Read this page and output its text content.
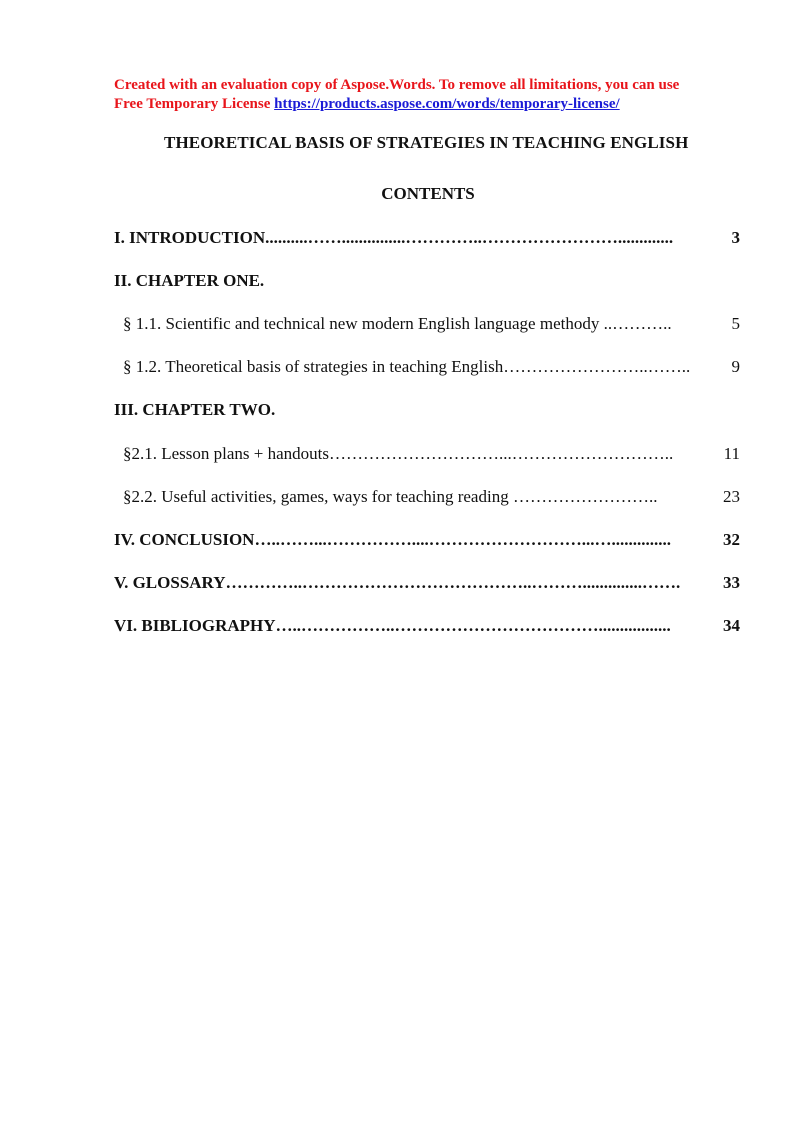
Created with an evaluation copy of Aspose.Words. To remove all limitations, you can use
Free Temporary License https://products.aspose.com/words/temporary-license/
THEORETICAL BASIS OF STRATEGIES IN TEACHING ENGLISH
CONTENTS
I. INTRODUCTION..........……...............…………..…………………….............	3
II. CHAPTER ONE.
§ 1.1. Scientific and technical new modern English language methodу ..………..	5
§ 1.2. Theoretical basis of strategies in teaching English……………………..…….. 9
III. CHAPTER TWO.
§2.1. Lesson plans + handouts…………………………...………………………..	11
§2.2. Useful activities, games, ways for teaching reading ……………………..	23
IV. CONCLUSION…..……...……………....………………………...…..............	32
V. GLOSSARY…………..…………………………………..………..............…….	33
VI. BIBLIOGRAPHY…..……………..……………………………….................	34
